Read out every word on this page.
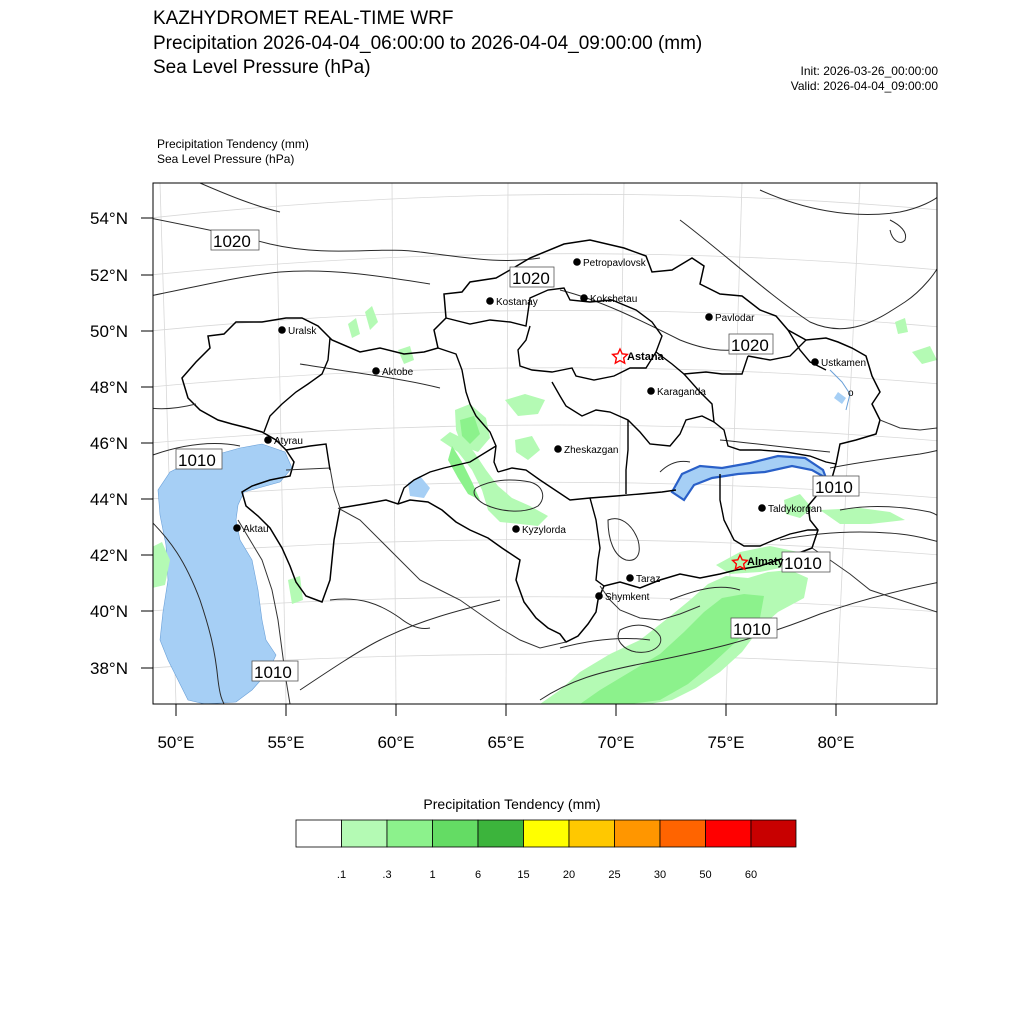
KAZHYDROMET REAL-TIME WRF
Precipitation 2026-04-04_06:00:00 to 2026-04-04_09:00:00 (mm)
Sea Level Pressure (hPa)	Init: 2026-03-26_00:00:00
Valid: 2026-04-04_09:00:00
Precipitation Tendency (mm)
Sea Level Pressure (hPa)
54°N
52°N
50°N
48°N
46°N
44°N
42°N
40°N
38°N
50°E	55°E	60°E	65°E	70°E	75°E	80°E
1020
1020
1020
1010
1010
1010
1010
1010
Petropavlovsk
Kostanay	Kokshetau
Uralsk
Pavlodar
Astana
Ustkamen
Aktobe
Karaganda	o
Atyrau
Zheskazgan
Aktau	Kyzylorda
Taldykorgan
Almaty
Taraz
Shymkent
.1	.3	1	6	15	20	25	30	50	60
Precipitation Tendency (mm)
